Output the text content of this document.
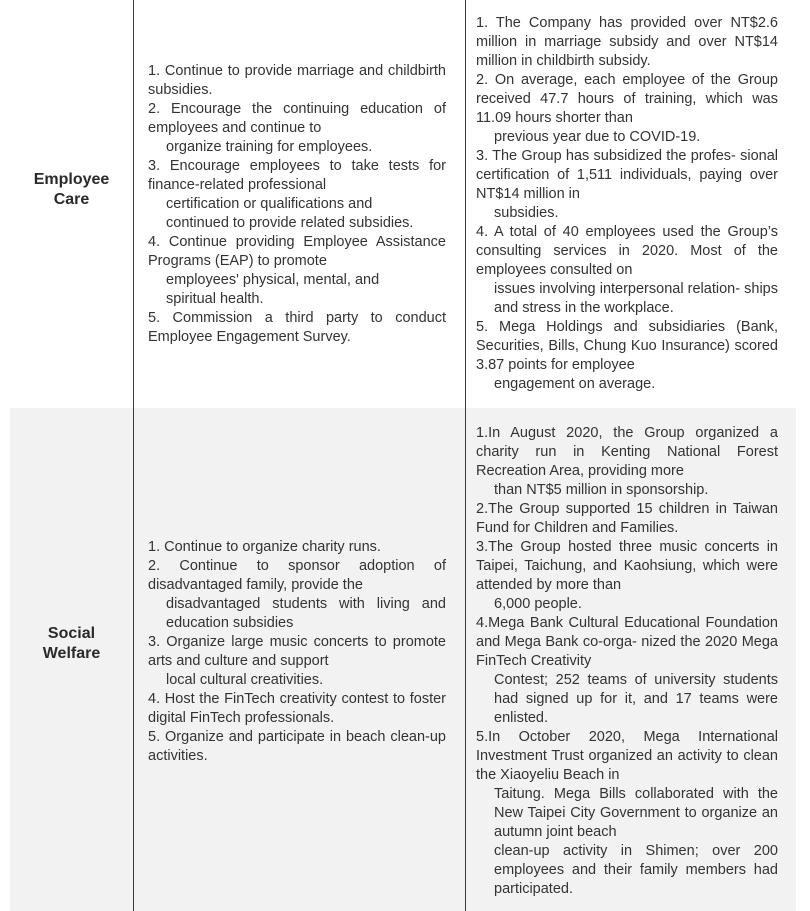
Employee
Care
1. Continue to provide marriage and childbirth subsidies.
2. Encourage the continuing education of employees and continue to
organize training for employees.
3. Encourage employees to take tests for finance-related professional
certification or qualifications and
continued to provide related subsidies.
4. Continue providing Employee Assistance Programs (EAP) to promote
employees' physical, mental, and
spiritual health.
5. Commission a third party to conduct Employee Engagement Survey.
1. The Company has provided over NT$2.6 million in marriage subsidy and over NT$14 million in childbirth subsidy.
2. On average, each employee of the Group received 47.7 hours of training, which was 11.09 hours shorter than
previous year due to COVID-19.
3. The Group has subsidized the profes- sional certification of 1,511 individuals, paying over NT$14 million in
subsidies.
4. A total of 40 employees used the Group’s consulting services in 2020. Most of the employees consulted on
issues involving interpersonal relation- ships and stress in the workplace.
5. Mega Holdings and subsidiaries (Bank, Securities, Bills, Chung Kuo Insurance) scored 3.87 points for employee
engagement on average.
Social
Welfare
1. Continue to organize charity runs.
2. Continue to sponsor adoption of disadvantaged family, provide the
disadvantaged students with living and education subsidies
3. Organize large music concerts to promote arts and culture and support
local cultural creativities.
4. Host the FinTech creativity contest to foster digital FinTech professionals.
5. Organize and participate in beach clean-up activities.
1.In August 2020, the Group organized a charity run in Kenting National Forest Recreation Area, providing more
than NT$5 million in sponsorship.
2.The Group supported 15 children in Taiwan Fund for Children and Families.
3.The Group hosted three music concerts in Taipei, Taichung, and Kaohsiung, which were attended by more than
6,000 people.
4.Mega Bank Cultural Educational Foundation and Mega Bank co-orga- nized the 2020 Mega FinTech Creativity
Contest; 252 teams of university students had signed up for it, and 17 teams were enlisted.
5.In October 2020, Mega International Investment Trust organized an activity to clean the Xiaoyeliu Beach in
Taitung. Mega Bills collaborated with the New Taipei City Government to organize an autumn joint beach
clean-up activity in Shimen; over 200 employees and their family members had participated.
